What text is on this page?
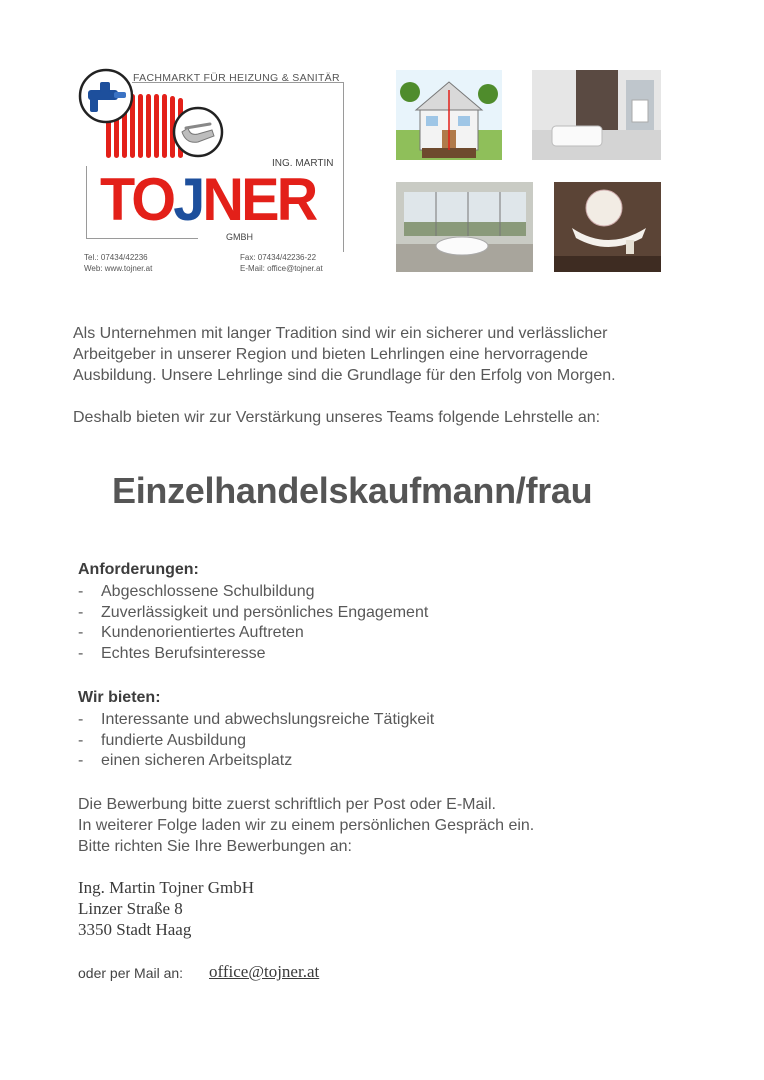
FACHMARKT FÜR HEIZUNG & SANITÄR
ING. MARTIN
TOJNER
GMBH
Tel.: 07434/42236
Web: www.tojner.at
Fax: 07434/42236-22
E-Mail: office@tojner.at
Als Unternehmen mit langer Tradition sind wir ein sicherer und verlässlicher
Arbeitgeber in unserer Region und bieten Lehrlingen eine hervorragende
Ausbildung. Unsere Lehrlinge sind die Grundlage für den Erfolg von Morgen.
Deshalb bieten wir zur Verstärkung unseres Teams folgende Lehrstelle an:
Einzelhandelskaufmann/frau
Anforderungen:
- Abgeschlossene Schulbildung
- Zuverlässigkeit und persönliches Engagement
- Kundenorientiertes Auftreten
- Echtes Berufsinteresse
Wir bieten:
- Interessante und abwechslungsreiche Tätigkeit
- fundierte Ausbildung
- einen sicheren Arbeitsplatz
Die Bewerbung bitte zuerst schriftlich per Post oder E-Mail.
In weiterer Folge laden wir zu einem persönlichen Gespräch ein.
Bitte richten Sie Ihre Bewerbungen an:
Ing. Martin Tojner GmbH
Linzer Straße 8
3350 Stadt Haag
oder per Mail an: office@tojner.at
